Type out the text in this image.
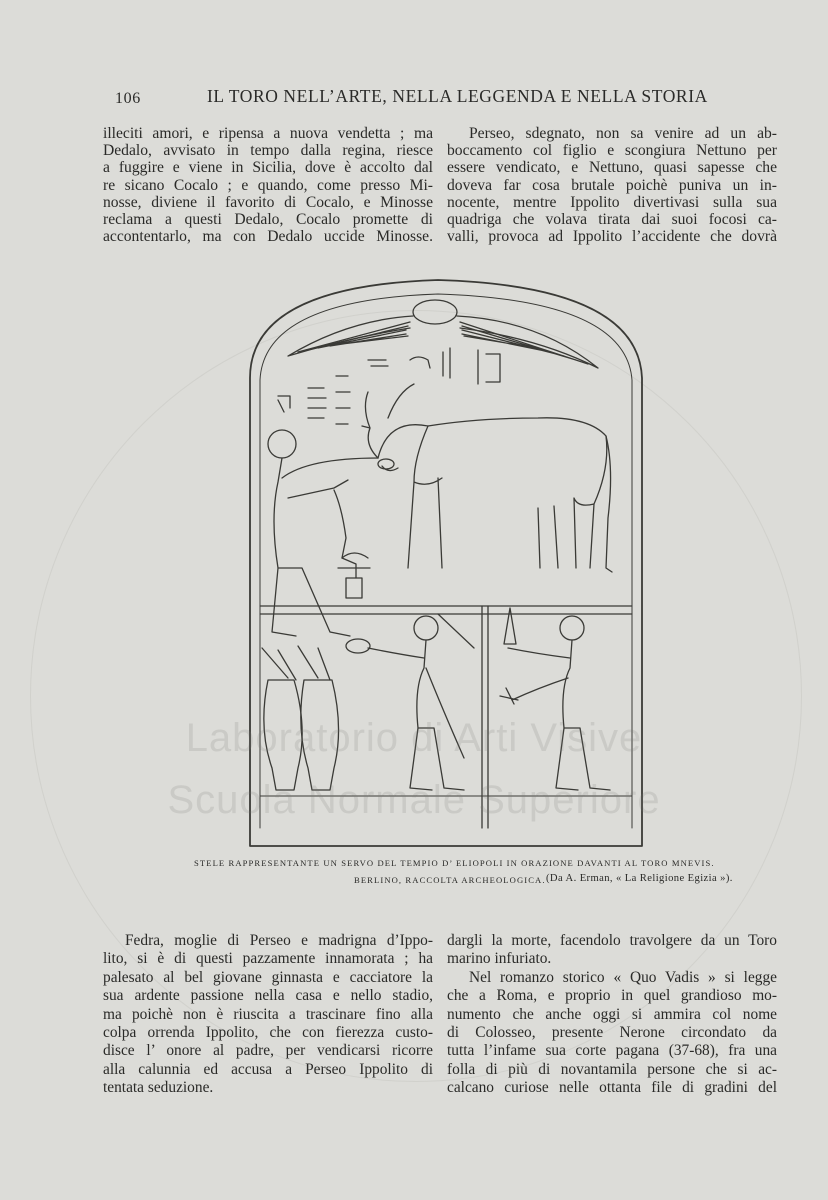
106	IL TORO NELL’ARTE, NELLA LEGGENDA E NELLA STORIA
illeciti amori, e ripensa a nuova vendetta ; ma
Dedalo, avvisato in tempo dalla regina, riesce
a fuggire e viene in Sicilia, dove è accolto dal
re sicano Cocalo ; e quando, come presso Mi-
nosse, diviene il favorito di Cocalo, e Minosse
reclama a questi Dedalo, Cocalo promette di
accontentarlo, ma con Dedalo uccide Minosse.
Perseo, sdegnato, non sa venire ad un ab-
boccamento col figlio e scongiura Nettuno per
essere vendicato, e Nettuno, quasi sapesse che
doveva far cosa brutale poichè puniva un in-
nocente, mentre Ippolito divertivasi sulla sua
quadriga che volava tirata dai suoi focosi ca-
valli, provoca ad Ippolito l’accidente che dovrà
STELE RAPPRESENTANTE UN SERVO DEL TEMPIO D’ ELIOPOLI IN ORAZIONE DAVANTI AL TORO MNEVIS.
BERLINO, RACCOLTA ARCHEOLOGICA. (Da A. Erman, « La Religione Egizia »).
Fedra, moglie di Perseo e madrigna d’Ippo-
lito, si è di questi pazzamente innamorata ; ha
palesato al bel giovane ginnasta e cacciatore la
sua ardente passione nella casa e nello stadio,
ma poichè non è riuscita a trascinare fino alla
colpa orrenda Ippolito, che con fierezza custo-
disce l’ onore al padre, per vendicarsi ricorre
alla calunnia ed accusa a Perseo Ippolito di
tentata seduzione.
dargli la morte, facendolo travolgere da un Toro
marino infuriato.
Nel romanzo storico « Quo Vadis » si legge
che a Roma, e proprio in quel grandioso mo-
numento che anche oggi si ammira col nome
di Colosseo, presente Nerone circondato da
tutta l’infame sua corte pagana (37-68), fra una
folla di più di novantamila persone che si ac-
calcano curiose nelle ottanta file di gradini del
Laboratorio di Arti Visive
Scuola Normale Superiore
